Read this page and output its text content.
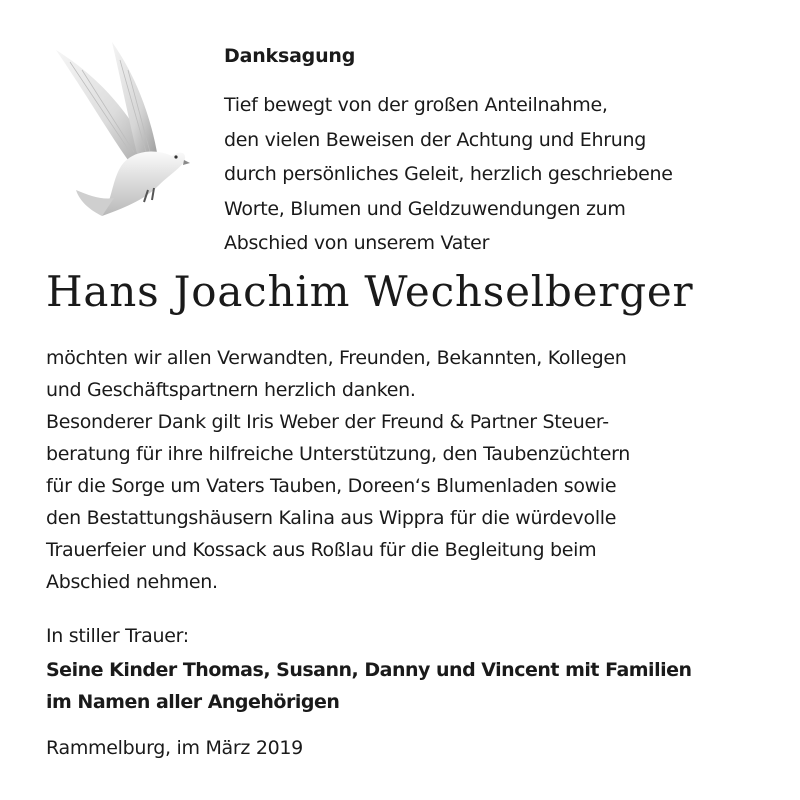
Danksagung
Tief bewegt von der großen Anteilnahme,
den vielen Beweisen der Achtung und Ehrung
durch persönliches Geleit, herzlich geschriebene
Worte, Blumen und Geldzuwendungen zum
Abschied von unserem Vater
Hans Joachim Wechselberger
möchten wir allen Verwandten, Freunden, Bekannten, Kollegen
und Geschäftspartnern herzlich danken.
Besonderer Dank gilt Iris Weber der Freund & Partner Steuer-
beratung für ihre hilfreiche Unterstützung, den Taubenzüchtern
für die Sorge um Vaters Tauben, Doreen‘s Blumenladen sowie
den Bestattungshäusern Kalina aus Wippra für die würdevolle
Trauerfeier und Kossack aus Roßlau für die Begleitung beim
Abschied nehmen.
In stiller Trauer:
Seine Kinder Thomas, Susann, Danny und Vincent mit Familien
im Namen aller Angehörigen
Rammelburg, im März 2019
